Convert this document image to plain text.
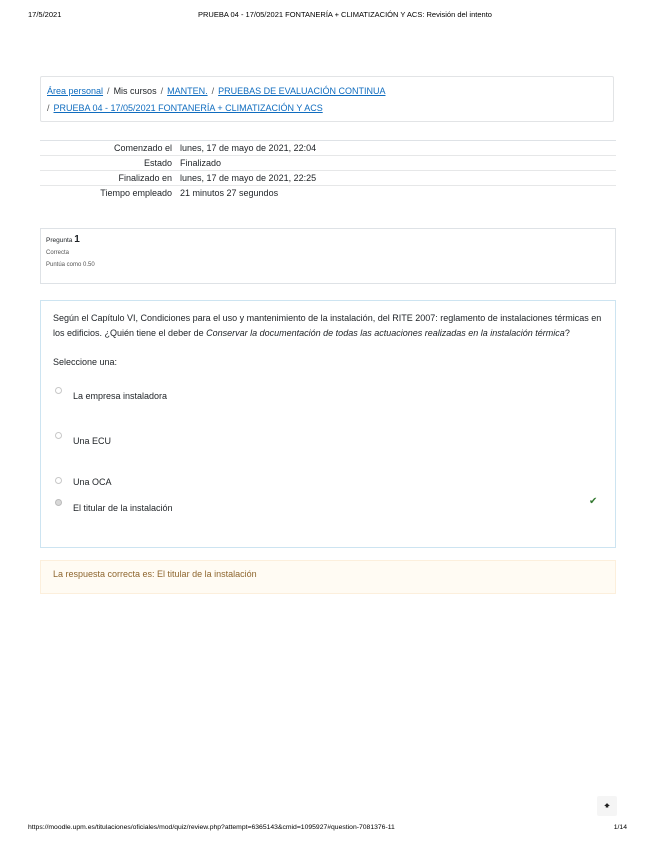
17/5/2021	PRUEBA 04 - 17/05/2021 FONTANERÍA + CLIMATIZACIÓN Y ACS: Revisión del intento
Área personal / Mis cursos / MANTEN. / PRUEBAS DE EVALUACIÓN CONTINUA
/ PRUEBA 04 - 17/05/2021 FONTANERÍA + CLIMATIZACIÓN Y ACS
Comenzado el	lunes, 17 de mayo de 2021, 22:04
Estado	Finalizado
Finalizado en	lunes, 17 de mayo de 2021, 22:25
Tiempo empleado	21 minutos 27 segundos
Pregunta 1
Correcta
Puntúa como 0.50
Según el Capítulo VI, Condiciones para el uso y mantenimiento de la instalación, del RITE 2007: reglamento de instalaciones térmicas en los edificios. ¿Quién tiene el deber de Conservar la documentación de todas las actuaciones realizadas en la instalación térmica?
Seleccione una:
La empresa instaladora
Una ECU
Una OCA
El titular de la instalación
✔
La respuesta correcta es: El titular de la instalación
🠹
https://moodle.upm.es/titulaciones/oficiales/mod/quiz/review.php?attempt=6365143&cmid=1095927#question-7081376-11	1/14
